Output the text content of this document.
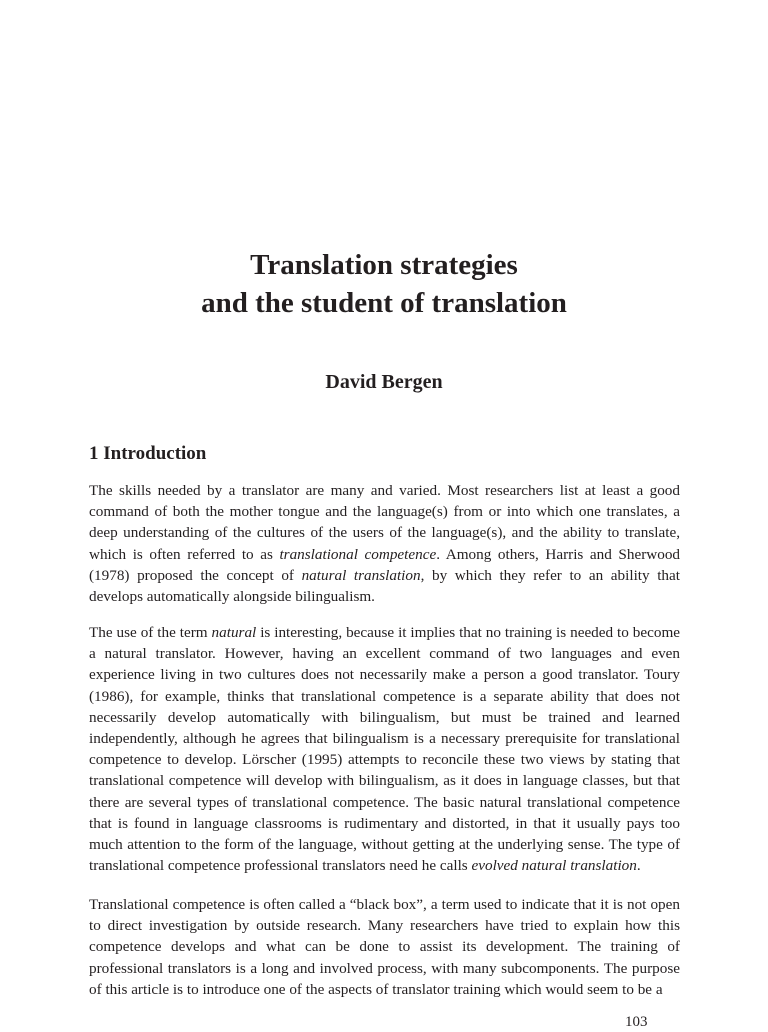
Translation strategies
and the student of translation

David Bergen

1 Introduction

The skills needed by a translator are many and varied. Most researchers list at least a good command of both the mother tongue and the language(s) from or into which one translates, a deep understanding of the cultures of the users of the language(s), and the ability to translate, which is often referred to as translational competence. Among others, Harris and Sherwood (1978) proposed the concept of natural translation, by which they refer to an ability that develops automatically alongside bilingualism.

The use of the term natural is interesting, because it implies that no training is needed to become a natural translator. However, having an excellent command of two languages and even experience living in two cultures does not necessarily make a person a good translator. Toury (1986), for example, thinks that translational competence is a separate ability that does not necessarily develop automatically with bilingualism, but must be trained and learned independently, although he agrees that bilingualism is a necessary prerequisite for translational competence to develop. Lörscher (1995) attempts to reconcile these two views by stating that translational competence will develop with bilingualism, as it does in language classes, but that there are several types of translational competence. The basic natural translational competence that is found in language classrooms is rudimentary and distorted, in that it usually pays too much attention to the form of the language, without getting at the underlying sense. The type of translational competence professional translators need he calls evolved natural translation.

Translational competence is often called a “black box”, a term used to indicate that it is not open to direct investigation by outside research. Many researchers have tried to explain how this competence develops and what can be done to assist its development. The training of professional translators is a long and involved process, with many subcomponents. The purpose of this article is to introduce one of the aspects of translator training which would seem to be a

103
